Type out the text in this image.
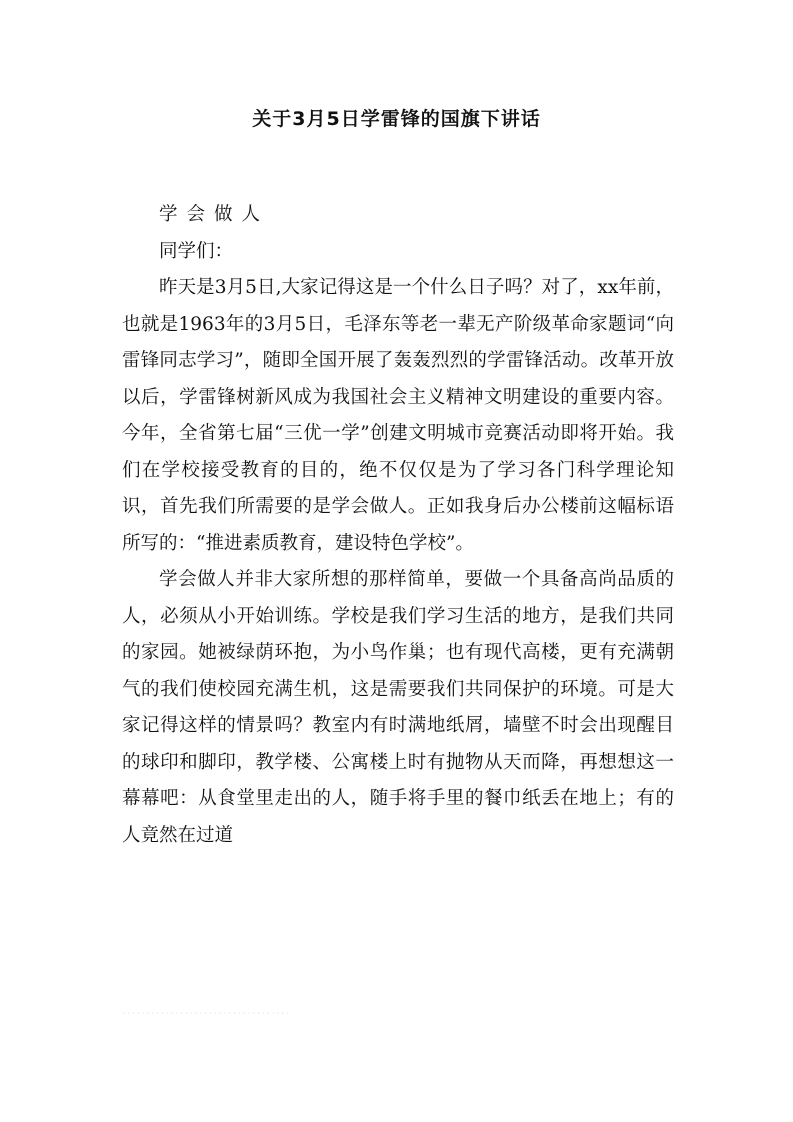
关于3月5日学雷锋的国旗下讲话

学会做人

同学们：

昨天是3月5日,大家记得这是一个什么日子吗？对了，xx年前，也就是1963年的3月5日，毛泽东等老一辈无产阶级革命家题词“向雷锋同志学习”，随即全国开展了轰轰烈烈的学雷锋活动。改革开放以后，学雷锋树新风成为我国社会主义精神文明建设的重要内容。今年，全省第七届“三优一学”创建文明城市竞赛活动即将开始。我们在学校接受教育的目的，绝不仅仅是为了学习各门科学理论知识，首先我们所需要的是学会做人。正如我身后办公楼前这幅标语所写的：“推进素质教育，建设特色学校”。

学会做人并非大家所想的那样简单，要做一个具备高尚品质的人，必须从小开始训练。学校是我们学习生活的地方，是我们共同的家园。她被绿荫环抱，为小鸟作巢；也有现代高楼，更有充满朝气的我们使校园充满生机，这是需要我们共同保护的环境。可是大家记得这样的情景吗？教室内有时满地纸屑，墙壁不时会出现醒目的球印和脚印，教学楼、公寓楼上时有抛物从天而降，再想想这一幕幕吧：从食堂里走出的人，随手将手里的餐巾纸丢在地上；有的人竟然在过道

...................................
